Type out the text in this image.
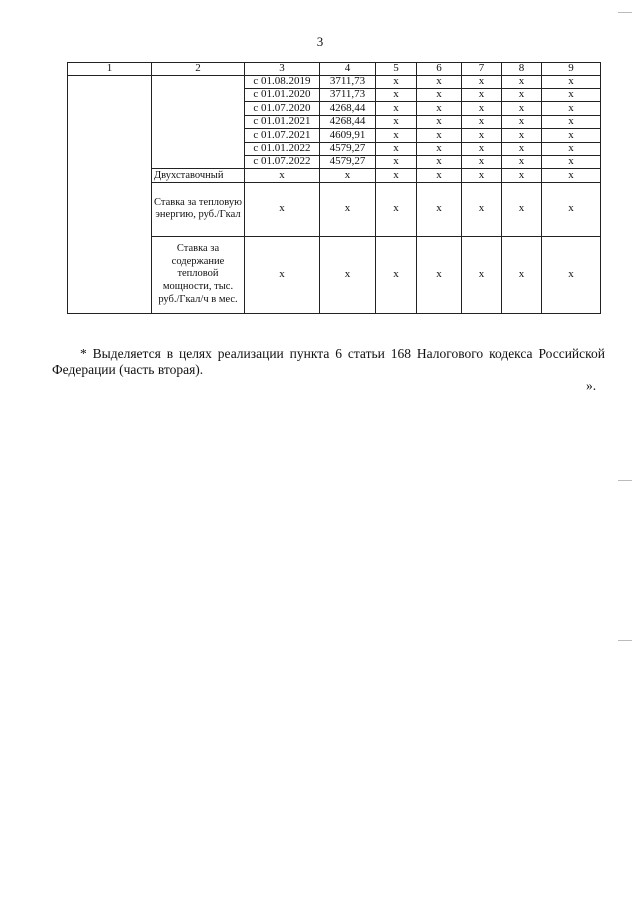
3
1	2	3	4	5	6	7	8	9
		с 01.08.2019	3711,73	х	х	х	х	х
		с 01.01.2020	3711,73	х	х	х	х	х
		с 01.07.2020	4268,44	х	х	х	х	х
		с 01.01.2021	4268,44	х	х	х	х	х
		с 01.07.2021	4609,91	х	х	х	х	х
		с 01.01.2022	4579,27	х	х	х	х	х
		с 01.07.2022	4579,27	х	х	х	х	х
	Двухставочный	х	х	х	х	х	х	х
	Ставка за тепловую энергию, руб./Гкал	х	х	х	х	х	х	х
	Ставка за содержание тепловой мощности, тыс. руб./Гкал/ч в мес.	х	х	х	х	х	х	х

* Выделяется в целях реализации пункта 6 статьи 168 Налогового кодекса Российской Федерации (часть вторая).

».
